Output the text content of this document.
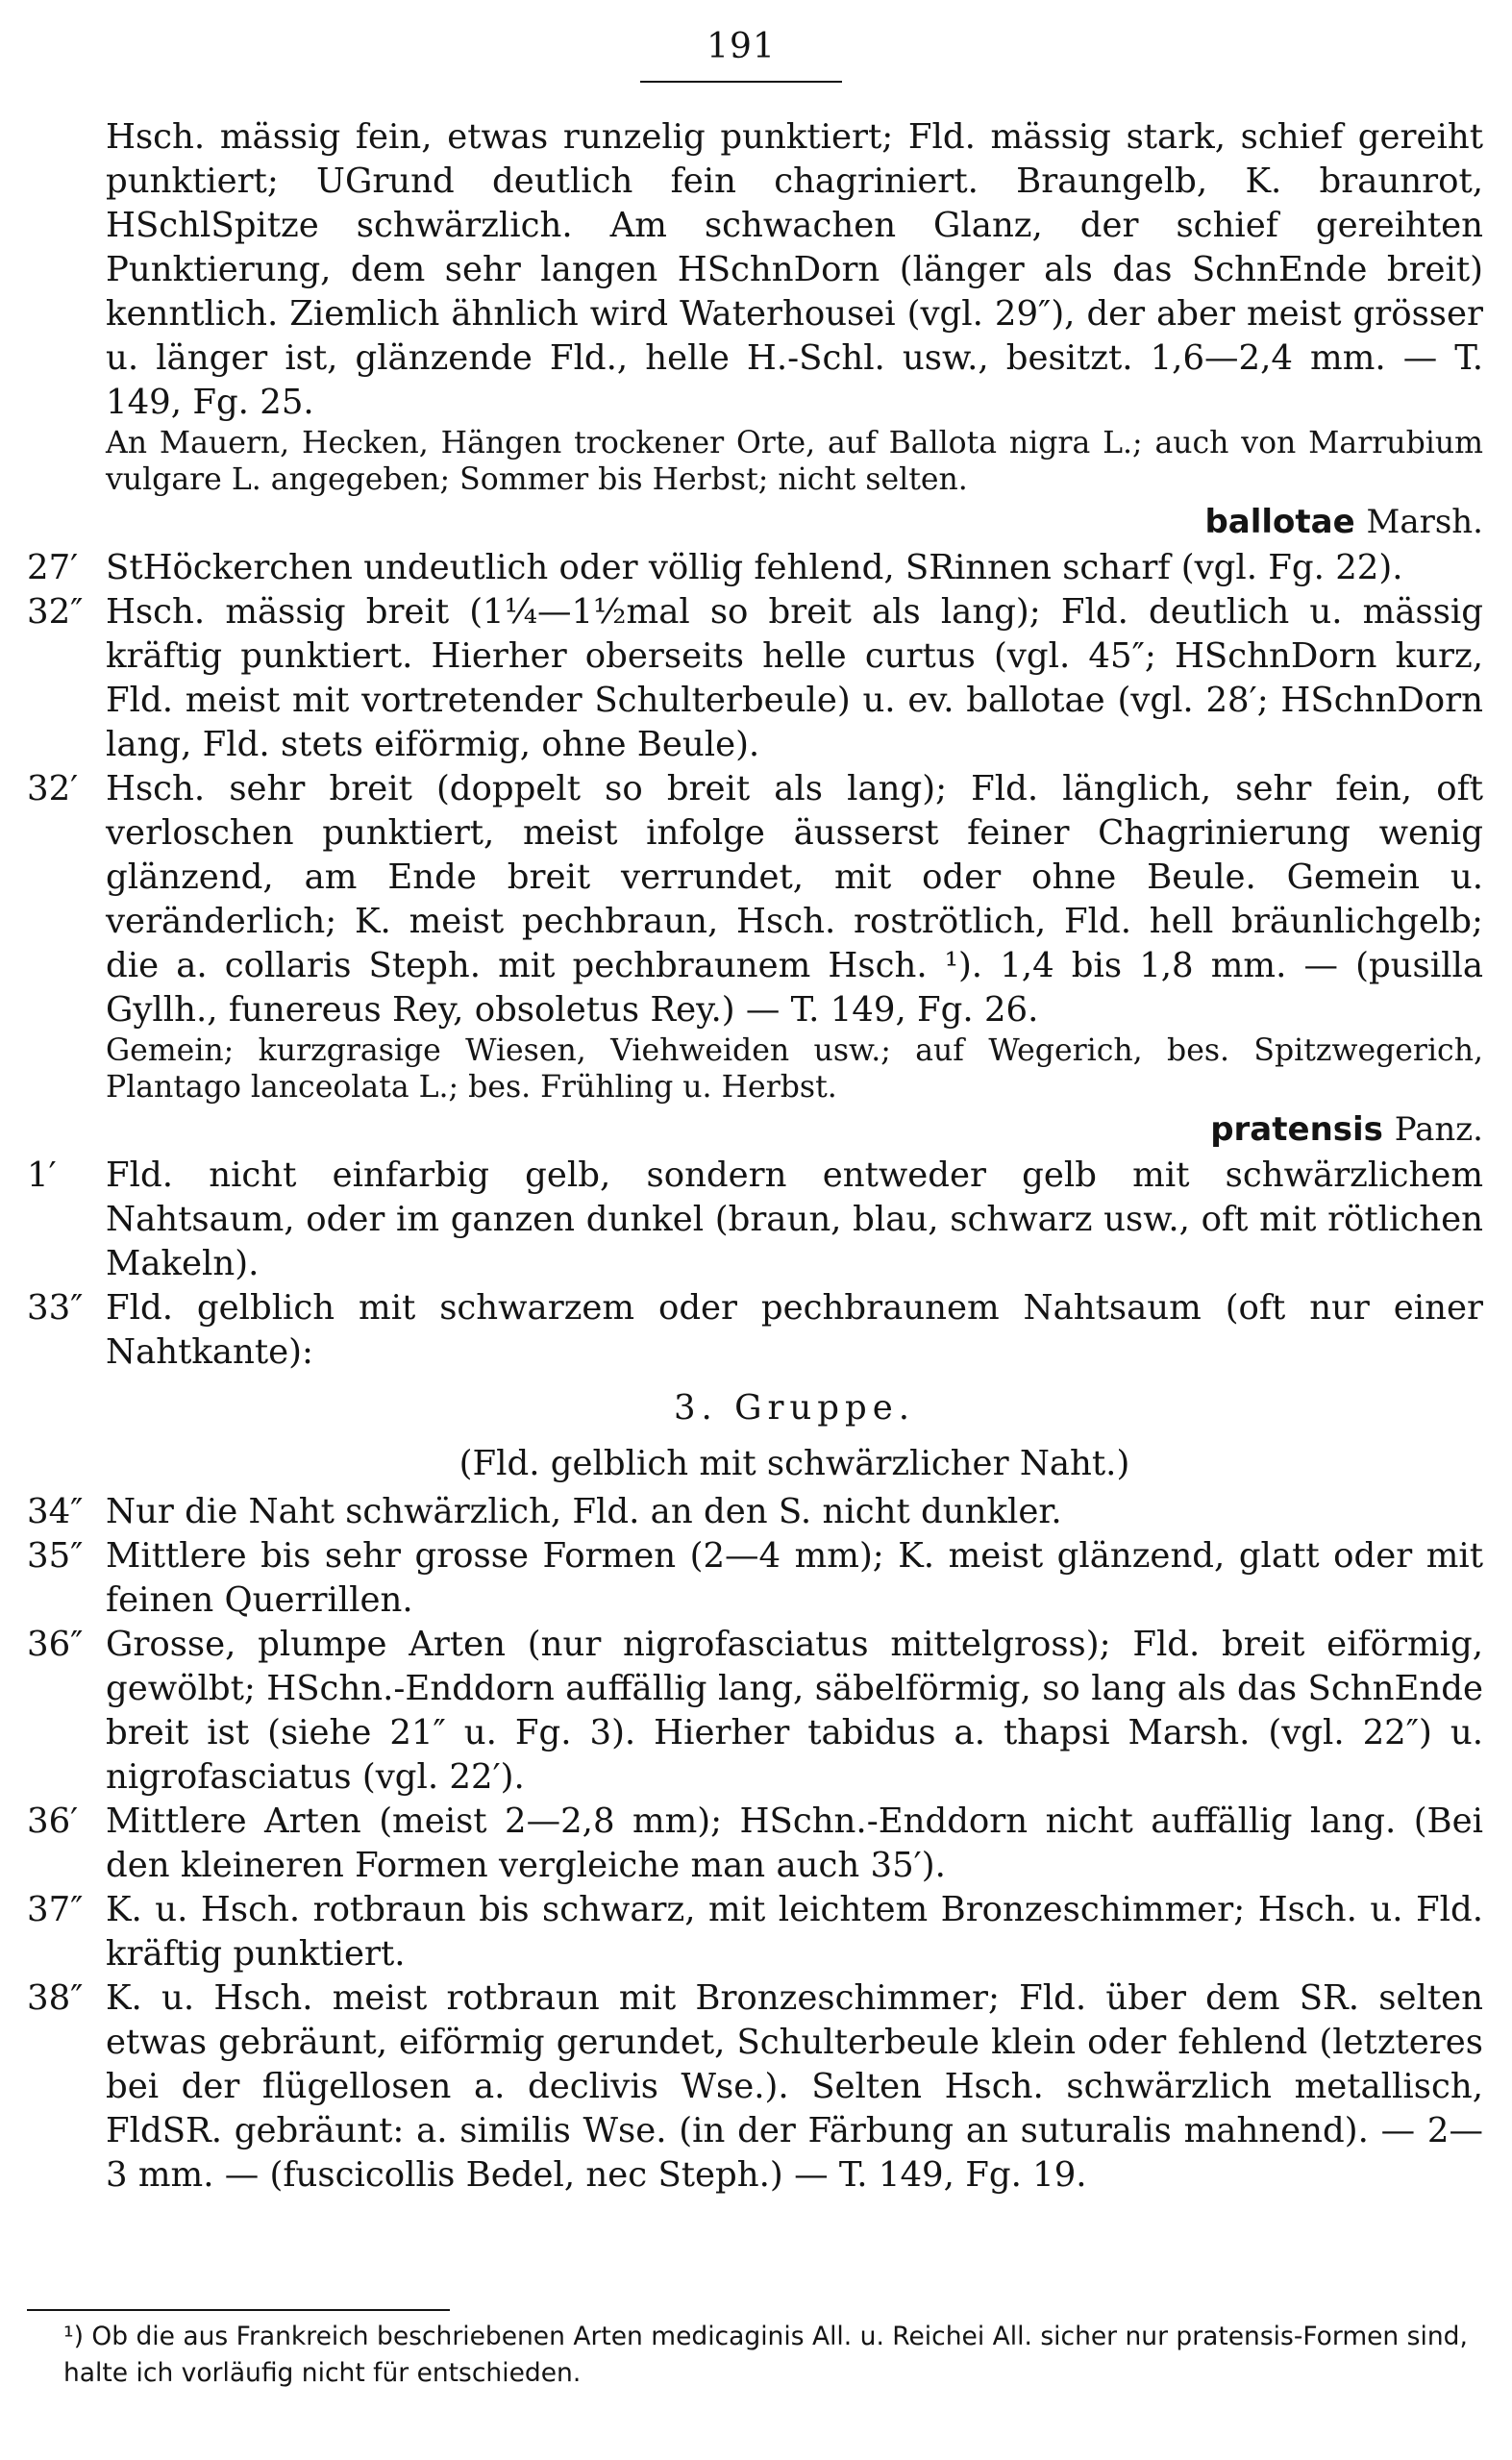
191
Hsch. mässig fein, etwas runzelig punktiert; Fld. mässig stark, schief gereiht punktiert; UGrund deutlich fein chagriniert. Braungelb, K. braunrot, HSchlSpitze schwärzlich. Am schwachen Glanz, der schief gereihten Punktierung, dem sehr langen HSchnDorn (länger als das SchnEnde breit) kenntlich. Ziemlich ähnlich wird Waterhousei (vgl. 29″), der aber meist grösser u. länger ist, glänzende Fld., helle H.-Schl. usw., besitzt. 1,6—2,4 mm. — T. 149, Fg. 25.
An Mauern, Hecken, Hängen trockener Orte, auf Ballota nigra L.; auch von Marrubium vulgare L. angegeben; Sommer bis Herbst; nicht selten.
ballotae Marsh.
27′ StHöckerchen undeutlich oder völlig fehlend, SRinnen scharf (vgl. Fg. 22).
32″ Hsch. mässig breit (1¼—1½mal so breit als lang); Fld. deutlich u. mässig kräftig punktiert. Hierher oberseits helle curtus (vgl. 45″; HSchnDorn kurz, Fld. meist mit vortretender Schulterbeule) u. ev. ballotae (vgl. 28′; HSchnDorn lang, Fld. stets eiförmig, ohne Beule).
32′ Hsch. sehr breit (doppelt so breit als lang); Fld. länglich, sehr fein, oft verloschen punktiert, meist infolge äusserst feiner Chagrinierung wenig glänzend, am Ende breit verrundet, mit oder ohne Beule. Gemein u. veränderlich; K. meist pechbraun, Hsch. roströtlich, Fld. hell bräunlichgelb; die a. collaris Steph. mit pechbraunem Hsch. ¹). 1,4 bis 1,8 mm. — (pusilla Gyllh., funereus Rey, obsoletus Rey.) — T. 149, Fg. 26.
Gemein; kurzgrasige Wiesen, Viehweiden usw.; auf Wegerich, bes. Spitzwegerich, Plantago lanceolata L.; bes. Frühling u. Herbst.
pratensis Panz.
1′	Fld. nicht einfarbig gelb, sondern entweder gelb mit schwärzlichem Nahtsaum, oder im ganzen dunkel (braun, blau, schwarz usw., oft mit rötlichen Makeln).
33″ Fld. gelblich mit schwarzem oder pechbraunem Nahtsaum (oft nur einer Nahtkante):
3. Gruppe.
(Fld. gelblich mit schwärzlicher Naht.)
34″ Nur die Naht schwärzlich, Fld. an den S. nicht dunkler.
35″ Mittlere bis sehr grosse Formen (2—4 mm); K. meist glänzend, glatt oder mit feinen Querrillen.
36″ Grosse, plumpe Arten (nur nigrofasciatus mittelgross); Fld. breit eiförmig, gewölbt; HSchn.-Enddorn auffällig lang, säbelförmig, so lang als das SchnEnde breit ist (siehe 21″ u. Fg. 3). Hierher tabidus a. thapsi Marsh. (vgl. 22″) u. nigrofasciatus (vgl. 22′).
36′ Mittlere Arten (meist 2—2,8 mm); HSchn.-Enddorn nicht auffällig lang. (Bei den kleineren Formen vergleiche man auch 35′).
37″ K. u. Hsch. rotbraun bis schwarz, mit leichtem Bronzeschimmer; Hsch. u. Fld. kräftig punktiert.
38″ K. u. Hsch. meist rotbraun mit Bronzeschimmer; Fld. über dem SR. selten etwas gebräunt, eiförmig gerundet, Schulterbeule klein oder fehlend (letzteres bei der flügellosen a. declivis Wse.). Selten Hsch. schwärzlich metallisch, FldSR. gebräunt: a. similis Wse. (in der Färbung an suturalis mahnend). — 2—3 mm. — (fuscicollis Bedel, nec Steph.) — T. 149, Fg. 19.
¹) Ob die aus Frankreich beschriebenen Arten medicaginis All. u. Reichei All. sicher nur pratensis-Formen sind, halte ich vorläufig nicht für entschieden.
